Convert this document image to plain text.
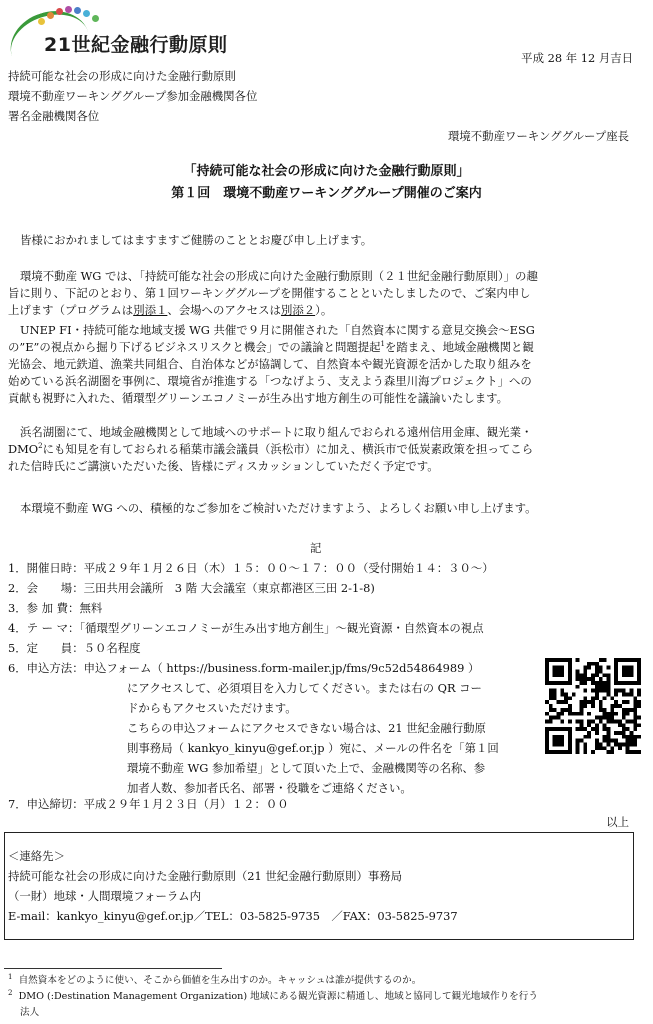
21世紀金融行動原則
平成 28 年 12 月吉日
持続可能な社会の形成に向けた金融行動原則
環境不動産ワーキンググループ参加金融機関各位
署名金融機関各位
環境不動産ワーキンググループ座長
「持続可能な社会の形成に向けた金融行動原則」
第１回　環境不動産ワーキンググループ開催のご案内
皆様におかれましてはますますご健勝のこととお慶び申し上げます。

環境不動産 WG では、「持続可能な社会の形成に向けた金融行動原則（２１世紀金融行動原則）」の趣

旨に則り、下記のとおり、第１回ワーキンググループを開催することといたしましたので、ご案内申し

上げます（プログラムは別添１、会場へのアクセスは別添２）。

UNEP FI・持続可能な地域支援 WG 共催で９月に開催された「自然資本に関する意見交換会～ESG

の”E”の視点から掘り下げるビジネスリスクと機会」での議論と問題提起$^1$を踏まえ、地域金融機関と観

光協会、地元鉄道、漁業共同組合、自治体などが協調して、自然資本や観光資源を活かした取り組みを

始めている浜名湖圏を事例に、環境省が推進する「つなげよう、支えよう森里川海プロジェクト」への

貢献も視野に入れた、循環型グリーンエコノミーが生み出す地方創生の可能性を議論いたします。

浜名湖圏にて、地域金融機関として地域へのサポートに取り組んでおられる遠州信用金庫、観光業・

DMO$^2$にも知見を有しておられる稲葉市議会議員（浜松市）に加え、横浜市で低炭素政策を担ってこら

れた信時氏にご講演いただいた後、皆様にディスカッションしていただく予定です。

本環境不動産 WG への、積極的なご参加をご検討いただけますよう、よろしくお願い申し上げます。
記
1．開催日時：平成２９年１月２６日（木）１５：００～１７：００（受付開始１４：３０～）
2．会　　場：三田共用会議所　3 階 大会議室（東京都港区三田 2-1-8)
3．参 加 費：無料
4．テ ー マ：「循環型グリーンエコノミーが生み出す地方創生」～観光資源・自然資本の視点
5．定　　員：５０名程度
6．申込方法：申込フォーム（ https://business.form-mailer.jp/fms/9c52d54864989 ）
にアクセスして、必須項目を入力してください。または右の QR コー
ドからもアクセスいただけます。
こちらの申込フォームにアクセスできない場合は、21 世紀金融行動原
則事務局（ kankyo_kinyu@gef.or.jp ）宛に、メールの件名を「第１回
環境不動産 WG 参加希望」として頂いた上で、金融機関等の名称、参
加者人数、参加者氏名、部署・役職をご連絡ください。
7．申込締切：平成２９年１月２３日（月）１２：００
以上
＜連絡先＞
持続可能な社会の形成に向けた金融行動原則（21 世紀金融行動原則）事務局
（一財）地球・人間環境フォーラム内
E-mail：kankyo_kinyu@gef.or.jp／TEL：03-5825-9735　／FAX：03-5825-9737
$^1$ 自然資本をどのように使い、そこから価値を生み出すのか。キャッシュは誰が提供するのか。
$^2$ DMO (:Destination Management Organization) 地域にある観光資源に精通し、地域と協同して観光地域作りを行う
法人
